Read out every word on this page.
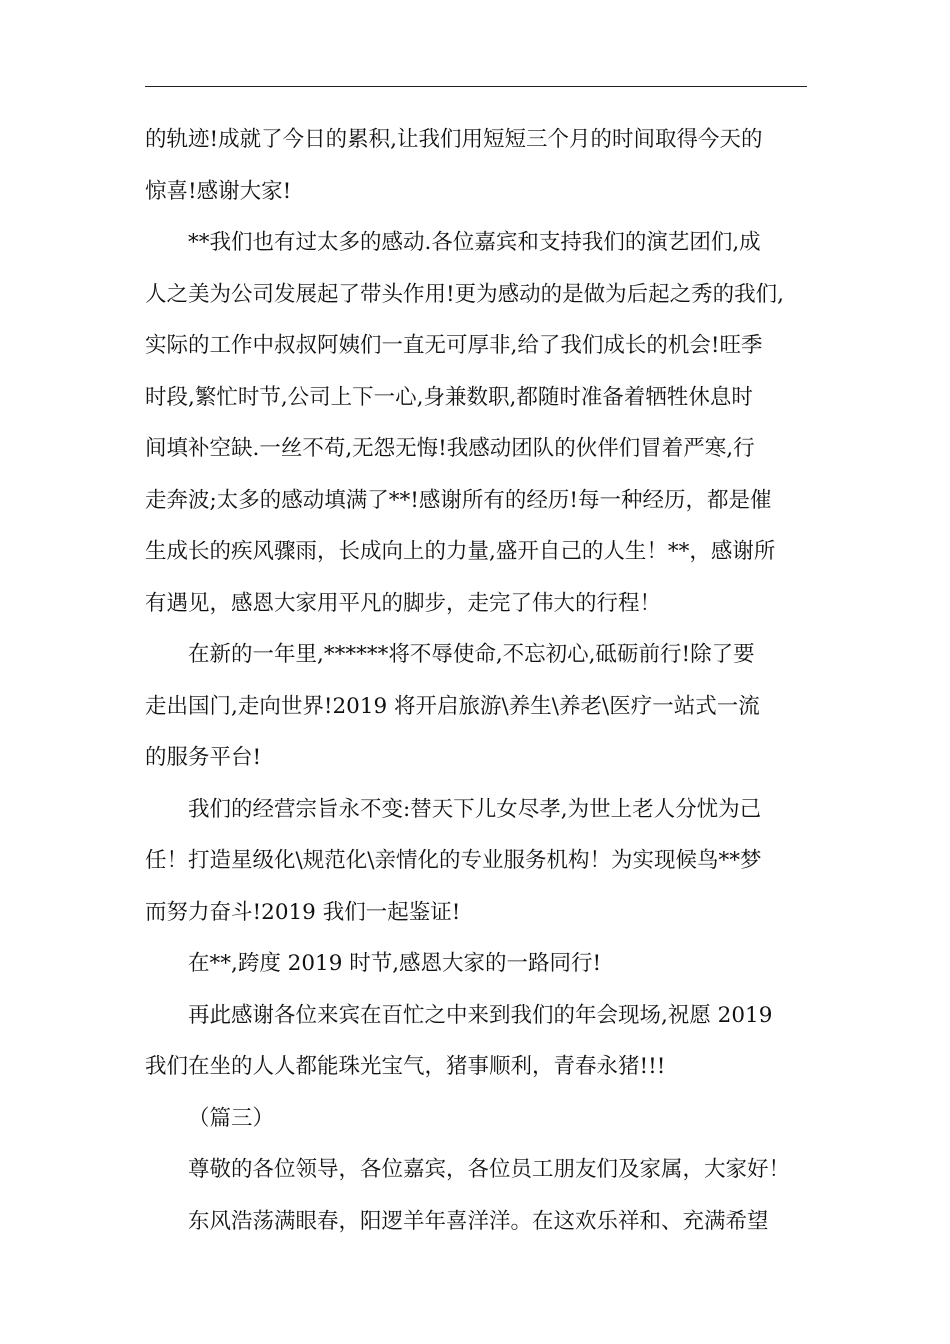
的轨迹!成就了今日的累积,让我们用短短三个月的时间取得今天的
惊喜!感谢大家!
**我们也有过太多的感动.各位嘉宾和支持我们的演艺团们,成
人之美为公司发展起了带头作用!更为感动的是做为后起之秀的我们,
实际的工作中叔叔阿姨们一直无可厚非,给了我们成长的机会!旺季
时段,繁忙时节,公司上下一心,身兼数职,都随时准备着牺牲休息时
间填补空缺.一丝不苟,无怨无悔!我感动团队的伙伴们冒着严寒,行
走奔波;太多的感动填满了**!感谢所有的经历!每一种经历，都是催
生成长的疾风骤雨，长成向上的力量,盛开自己的人生！**，感谢所
有遇见，感恩大家用平凡的脚步，走完了伟大的行程！
在新的一年里,******将不辱使命,不忘初心,砥砺前行!除了要
走出国门,走向世界!2019 将开启旅游\养生\养老\医疗一站式一流
的服务平台!
我们的经营宗旨永不变:替天下儿女尽孝,为世上老人分忧为己
任！打造星级化\规范化\亲情化的专业服务机构！为实现候鸟**梦
而努力奋斗!2019 我们一起鉴证!
在**,跨度 2019 时节,感恩大家的一路同行!
再此感谢各位来宾在百忙之中来到我们的年会现场,祝愿 2019
我们在坐的人人都能珠光宝气，猪事顺利，青春永猪!!!
（篇三）
尊敬的各位领导，各位嘉宾，各位员工朋友们及家属，大家好！
东风浩荡满眼春，阳逻羊年喜洋洋。在这欢乐祥和、充满希望
